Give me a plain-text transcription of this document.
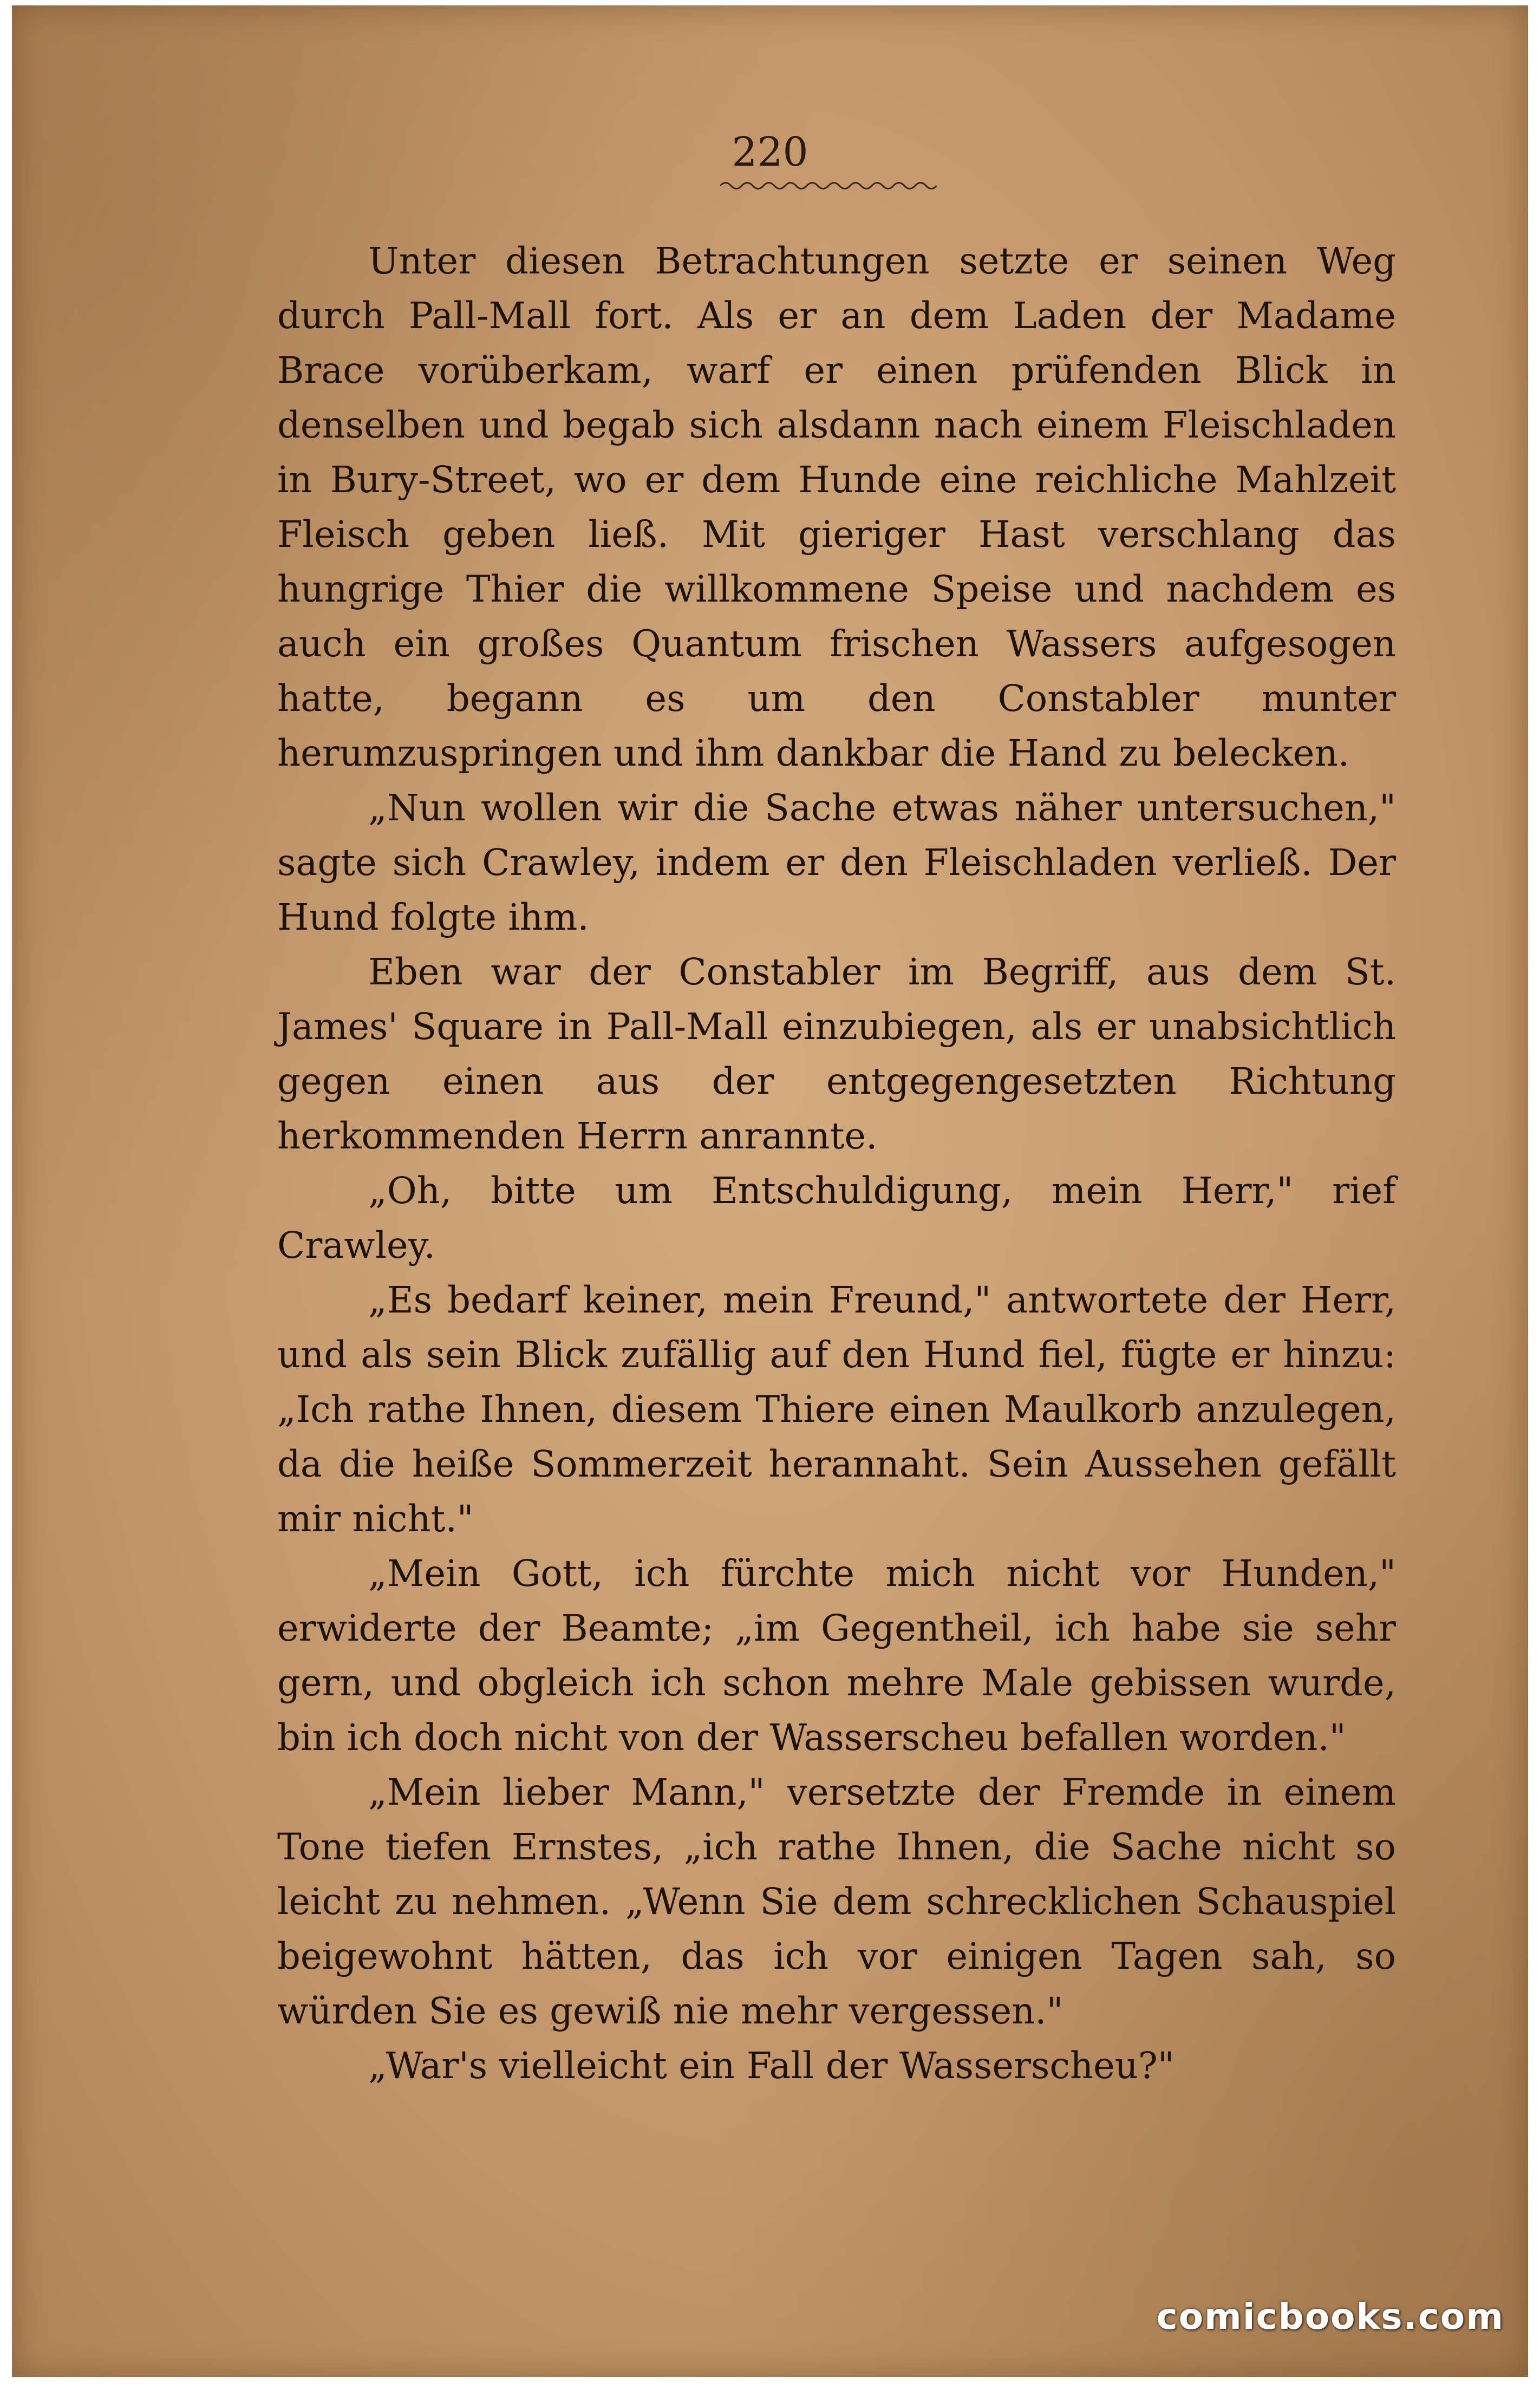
220

Unter diesen Betrachtungen setzte er seinen Weg durch Pall-Mall fort. Als er an dem Laden der Madame Brace vorüberkam, warf er einen prüfenden Blick in denselben und begab sich alsdann nach einem Fleischladen in Bury-Street, wo er dem Hunde eine reichliche Mahlzeit Fleisch geben ließ. Mit gieriger Hast verschlang das hungrige Thier die willkommene Speise und nachdem es auch ein großes Quantum frischen Wassers aufgesogen hatte, begann es um den Constabler munter herumzuspringen und ihm dankbar die Hand zu belecken.

„Nun wollen wir die Sache etwas näher untersuchen," sagte sich Crawley, indem er den Fleischladen verließ. Der Hund folgte ihm.

Eben war der Constabler im Begriff, aus dem St. James' Square in Pall-Mall einzubiegen, als er unabsichtlich gegen einen aus der entgegengesetzten Richtung herkommenden Herrn anrannte.

„Oh, bitte um Entschuldigung, mein Herr," rief Crawley.

„Es bedarf keiner, mein Freund," antwortete der Herr, und als sein Blick zufällig auf den Hund fiel, fügte er hinzu: „Ich rathe Ihnen, diesem Thiere einen Maulkorb anzulegen, da die heiße Sommerzeit herannaht. Sein Aussehen gefällt mir nicht."

„Mein Gott, ich fürchte mich nicht vor Hunden," erwiderte der Beamte; „im Gegentheil, ich habe sie sehr gern, und obgleich ich schon mehre Male gebissen wurde, bin ich doch nicht von der Wasserscheu befallen worden."

„Mein lieber Mann," versetzte der Fremde in einem Tone tiefen Ernstes, „ich rathe Ihnen, die Sache nicht so leicht zu nehmen. „Wenn Sie dem schrecklichen Schauspiel beigewohnt hätten, das ich vor einigen Tagen sah, so würden Sie es gewiß nie mehr vergessen."

„War's vielleicht ein Fall der Wasserscheu?"

comicbooks.com
